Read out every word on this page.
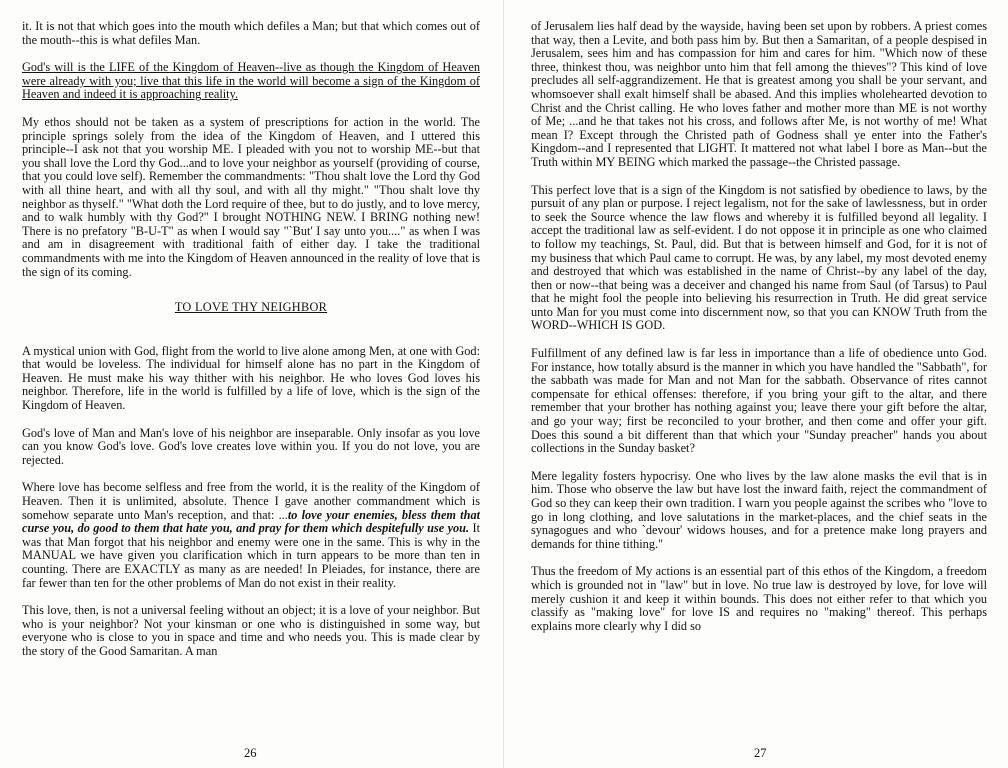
it. It is not that which goes into the mouth which defiles a Man; but that which comes out of the mouth--this is what defiles Man.

God's will is the LIFE of the Kingdom of Heaven--live as though the Kingdom of Heaven were already with you; live that this life in the world will become a sign of the Kingdom of Heaven and indeed it is approaching reality.

My ethos should not be taken as a system of prescriptions for action in the world. The principle springs solely from the idea of the Kingdom of Heaven, and I uttered this principle--I ask not that you worship ME. I pleaded with you not to worship ME--but that you shall love the Lord thy God...and to love your neighbor as yourself (providing of course, that you could love self). Remember the commandments: "Thou shalt love the Lord thy God with all thine heart, and with all thy soul, and with all thy might." "Thou shalt love thy neighbor as thyself." "What doth the Lord require of thee, but to do justly, and to love mercy, and to walk humbly with thy God?" I brought NOTHING NEW. I BRING nothing new! There is no prefatory "B-U-T" as when I would say "`But' I say unto you...." as when I was and am in disagreement with traditional faith of either day. I take the traditional commandments with me into the Kingdom of Heaven announced in the reality of love that is the sign of its coming.

TO LOVE THY NEIGHBOR

A mystical union with God, flight from the world to live alone among Men, at one with God: that would be loveless. The individual for himself alone has no part in the Kingdom of Heaven. He must make his way thither with his neighbor. He who loves God loves his neighbor. Therefore, life in the world is fulfilled by a life of love, which is the sign of the Kingdom of Heaven.

God's love of Man and Man's love of his neighbor are inseparable. Only insofar as you love can you know God's love. God's love creates love within you. If you do not love, you are rejected.

Where love has become selfless and free from the world, it is the reality of the Kingdom of Heaven. Then it is unlimited, absolute. Thence I gave another commandment which is somehow separate unto Man's reception, and that: ...to love your enemies, bless them that curse you, do good to them that hate you, and pray for them which despitefully use you. It was that Man forgot that his neighbor and enemy were one in the same. This is why in the MANUAL we have given you clarification which in turn appears to be more than ten in counting. There are EXACTLY as many as are needed! In Pleiades, for instance, there are far fewer than ten for the other problems of Man do not exist in their reality.

This love, then, is not a universal feeling without an object; it is a love of your neighbor. But who is your neighbor? Not your kinsman or one who is distinguished in some way, but everyone who is close to you in space and time and who needs you. This is made clear by the story of the Good Samaritan. A man

of Jerusalem lies half dead by the wayside, having been set upon by robbers. A priest comes that way, then a Levite, and both pass him by. But then a Samaritan, of a people despised in Jerusalem, sees him and has compassion for him and cares for him. "Which now of these three, thinkest thou, was neighbor unto him that fell among the thieves"? This kind of love precludes all self-aggrandizement. He that is greatest among you shall be your servant, and whomsoever shall exalt himself shall be abased. And this implies wholehearted devotion to Christ and the Christ calling. He who loves father and mother more than ME is not worthy of Me; ...and he that takes not his cross, and follows after Me, is not worthy of me! What mean I? Except through the Christed path of Godness shall ye enter into the Father's Kingdom--and I represented that LIGHT. It mattered not what label I bore as Man--but the Truth within MY BEING which marked the passage--the Christed passage.

This perfect love that is a sign of the Kingdom is not satisfied by obedience to laws, by the pursuit of any plan or purpose. I reject legalism, not for the sake of lawlessness, but in order to seek the Source whence the law flows and whereby it is fulfilled beyond all legality. I accept the traditional law as self-evident. I do not oppose it in principle as one who claimed to follow my teachings, St. Paul, did. But that is between himself and God, for it is not of my business that which Paul came to corrupt. He was, by any label, my most devoted enemy and destroyed that which was established in the name of Christ--by any label of the day, then or now--that being was a deceiver and changed his name from Saul (of Tarsus) to Paul that he might fool the people into believing his resurrection in Truth. He did great service unto Man for you must come into discernment now, so that you can KNOW Truth from the WORD--WHICH IS GOD.

Fulfillment of any defined law is far less in importance than a life of obedience unto God. For instance, how totally absurd is the manner in which you have handled the "Sabbath", for the sabbath was made for Man and not Man for the sabbath. Observance of rites cannot compensate for ethical offenses: therefore, if you bring your gift to the altar, and there remember that your brother has nothing against you; leave there your gift before the altar, and go your way; first be reconciled to your brother, and then come and offer your gift. Does this sound a bit different than that which your "Sunday preacher" hands you about collections in the Sunday basket?

Mere legality fosters hypocrisy. One who lives by the law alone masks the evil that is in him. Those who observe the law but have lost the inward faith, reject the commandment of God so they can keep their own tradition. I warn you people against the scribes who "love to go in long clothing, and love salutations in the market-places, and the chief seats in the synagogues and who `devour' widows houses, and for a pretence make long prayers and demands for thine tithing."

Thus the freedom of My actions is an essential part of this ethos of the Kingdom, a freedom which is grounded not in "law" but in love. No true law is destroyed by love, for love will merely cushion it and keep it within bounds. This does not either refer to that which you classify as "making love" for love IS and requires no "making" thereof. This perhaps explains more clearly why I did so

26	27
